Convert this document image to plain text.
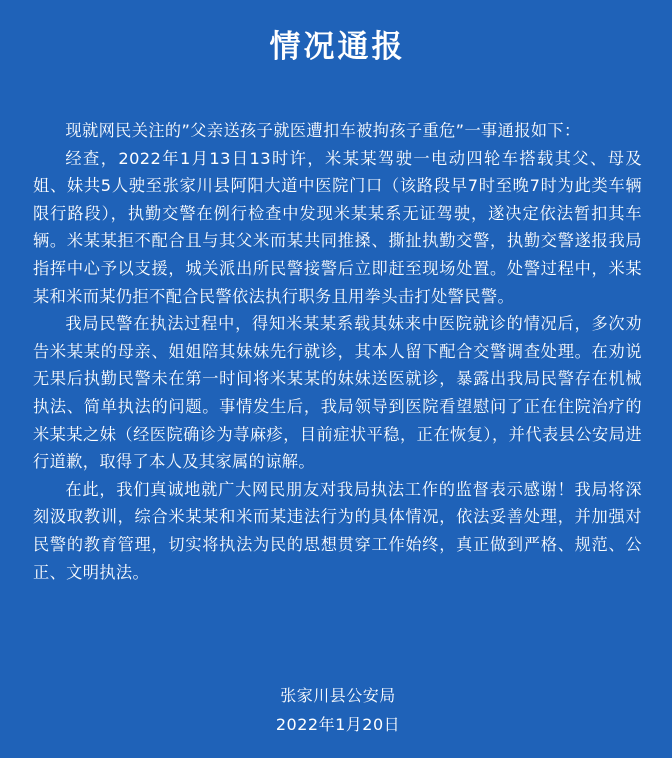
情况通报

现就网民关注的”父亲送孩子就医遭扣车被拘孩子重危”一事通报如下：

经查，2022年1月13日13时许，米某某驾驶一电动四轮车搭载其父、母及姐、妹共5人驶至张家川县阿阳大道中医院门口（该路段早7时至晚7时为此类车辆限行路段），执勤交警在例行检查中发现米某某系无证驾驶，遂决定依法暂扣其车辆。米某某拒不配合且与其父米而某共同推搡、撕扯执勤交警，执勤交警遂报我局指挥中心予以支援，城关派出所民警接警后立即赶至现场处置。处警过程中，米某某和米而某仍拒不配合民警依法执行职务且用拳头击打处警民警。

我局民警在执法过程中，得知米某某系载其妹来中医院就诊的情况后，多次劝告米某某的母亲、姐姐陪其妹妹先行就诊，其本人留下配合交警调查处理。在劝说无果后执勤民警未在第一时间将米某某的妹妹送医就诊，暴露出我局民警存在机械执法、简单执法的问题。事情发生后，我局领导到医院看望慰问了正在住院治疗的米某某之妹（经医院确诊为荨麻疹，目前症状平稳，正在恢复），并代表县公安局进行道歉，取得了本人及其家属的谅解。

在此，我们真诚地就广大网民朋友对我局执法工作的监督表示感谢！我局将深刻汲取教训，综合米某某和米而某违法行为的具体情况，依法妥善处理，并加强对民警的教育管理，切实将执法为民的思想贯穿工作始终，真正做到严格、规范、公正、文明执法。

张家川县公安局
2022年1月20日
